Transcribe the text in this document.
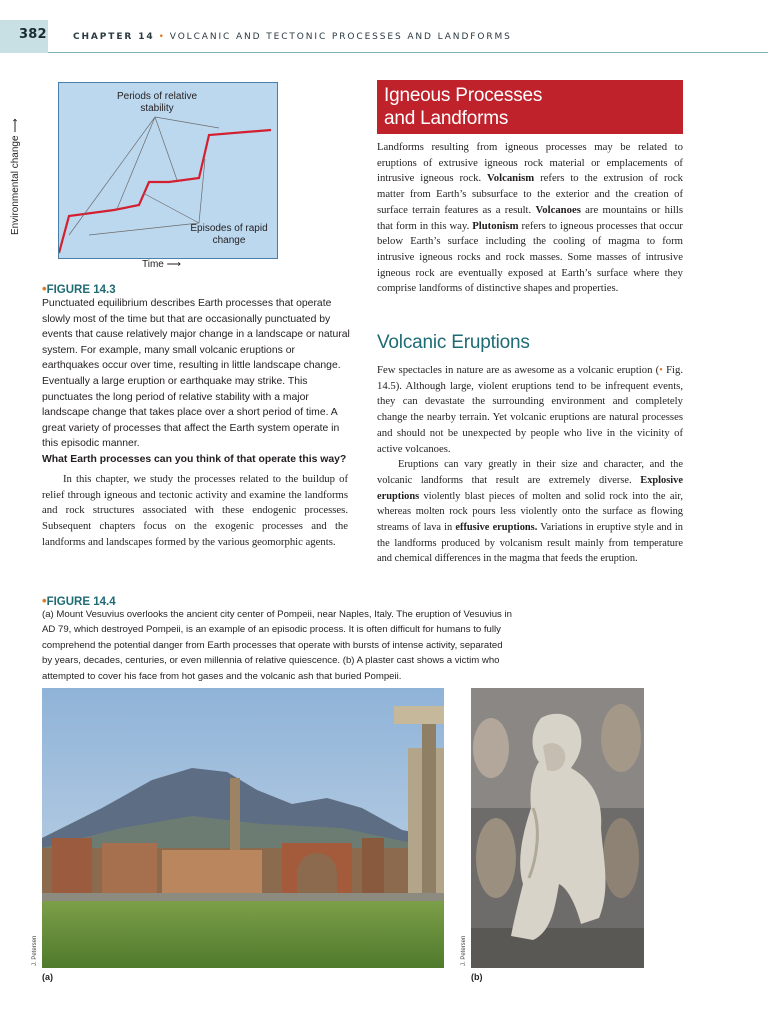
382	CHAPTER 14 • VOLCANIC AND TECTONIC PROCESSES AND LANDFORMS
Periods of relative stability
Episodes of rapid change
Environmental change ⟶
Time ⟶
•FIGURE 14.3
Punctuated equilibrium describes Earth processes that operate slowly most of the time but that are occasionally punctuated by events that cause relatively major change in a landscape or natural system. For example, many small volcanic eruptions or earthquakes occur over time, resulting in little landscape change. Eventually a large eruption or earthquake may strike. This punctuates the long period of relative stability with a major landscape change that takes place over a short period of time. A great variety of processes that affect the Earth system operate in this episodic manner.
What Earth processes can you think of that operate this way?

In this chapter, we study the processes related to the buildup of relief through igneous and tectonic activity and examine the landforms and rock structures associated with these endogenic processes. Subsequent chapters focus on the exogenic processes and the landforms and landscapes formed by the various geomorphic agents.

Igneous Processes
and Landforms

Landforms resulting from igneous processes may be related to eruptions of extrusive igneous rock material or emplacements of intrusive igneous rock. Volcanism refers to the extrusion of rock matter from Earth’s subsurface to the exterior and the creation of surface terrain features as a result. Volcanoes are mountains or hills that form in this way. Plutonism refers to igneous processes that occur below Earth’s surface including the cooling of magma to form intrusive igneous rocks and rock masses. Some masses of intrusive igneous rock are eventually exposed at Earth’s surface where they comprise landforms of distinctive shapes and properties.

Volcanic Eruptions

Few spectacles in nature are as awesome as a volcanic eruption (• Fig. 14.5). Although large, violent eruptions tend to be infrequent events, they can devastate the surrounding environment and completely change the nearby terrain. Yet volcanic eruptions are natural processes and should not be unexpected by people who live in the vicinity of active volcanoes.

Eruptions can vary greatly in their size and character, and the volcanic landforms that result are extremely diverse. Explosive eruptions violently blast pieces of molten and solid rock into the air, whereas molten rock pours less violently onto the surface as flowing streams of lava in effusive eruptions. Variations in eruptive style and in the landforms produced by volcanism result mainly from temperature and chemical differences in the magma that feeds the eruption.

•FIGURE 14.4
(a) Mount Vesuvius overlooks the ancient city center of Pompeii, near Naples, Italy. The eruption of Vesuvius in AD 79, which destroyed Pompeii, is an example of an episodic process. It is often difficult for humans to fully comprehend the potential danger from Earth processes that operate with bursts of intense activity, separated by years, decades, centuries, or even millennia of relative quiescence. (b) A plaster cast shows a victim who attempted to cover his face from hot gases and the volcanic ash that buried Pompeii.
J. Petersen
(a)
J. Petersen
(b)
